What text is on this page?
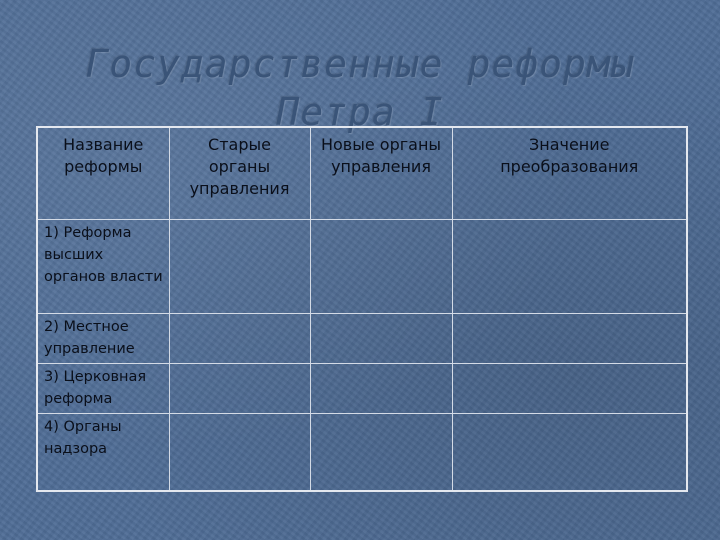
Государственные реформы Петра I
Название реформы	Старые органы управления	Новые органы управления	Значение преобразования
1) Реформа высших органов власти			
2) Местное управление			
3) Церковная реформа			
4) Органы надзора			
